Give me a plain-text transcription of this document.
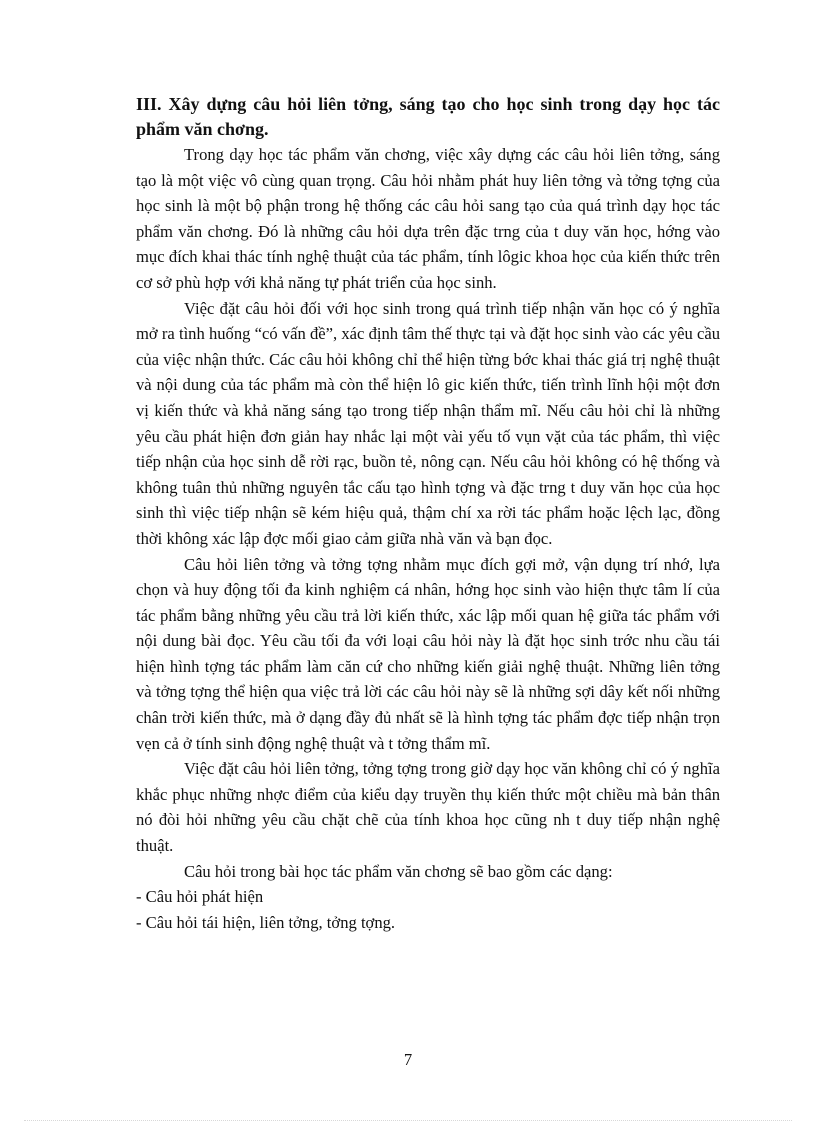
III. Xây dựng câu hỏi liên tởng, sáng tạo cho học sinh trong dạy học tác phẩm văn chơng.

Trong dạy học tác phẩm văn chơng, việc xây dựng các câu hỏi liên tởng, sáng tạo là một việc vô cùng quan trọng. Câu hỏi nhằm phát huy liên tởng và tởng tợng của học sinh là một bộ phận trong hệ thống các câu hỏi sang tạo của quá trình dạy học tác phẩm văn chơng. Đó là những câu hỏi dựa trên đặc trng của t duy văn học, hớng vào mục đích khai thác tính nghệ thuật của tác phẩm, tính lôgic khoa học của kiến thức trên cơ sở phù hợp với khả năng tự phát triển của học sinh.

Việc đặt câu hỏi đối với học sinh trong quá trình tiếp nhận văn học có ý nghĩa mở ra tình huống “có vấn đề”, xác định tâm thế thực tại và đặt học sinh vào các yêu cầu của việc nhận thức. Các câu hỏi không chỉ thể hiện từng bớc khai thác giá trị nghệ thuật và nội dung của tác phẩm mà còn thể hiện lô gic kiến thức, tiến trình lĩnh hội một đơn vị kiến thức và khả năng sáng tạo trong tiếp nhận thẩm mĩ. Nếu câu hỏi chỉ là những yêu cầu phát hiện đơn giản hay nhắc lại một vài yếu tố vụn vặt của tác phẩm, thì việc tiếp nhận của học sinh dễ rời rạc, buồn tẻ, nông cạn. Nếu câu hỏi không có hệ thống và không tuân thủ những nguyên tắc cấu tạo hình tợng và đặc trng t duy văn học của học sinh thì việc tiếp nhận sẽ kém hiệu quả, thậm chí xa rời tác phẩm hoặc lệch lạc, đồng thời không xác lập đợc mối giao cảm giữa nhà văn và bạn đọc.

Câu hỏi liên tởng và tởng tợng nhằm mục đích gợi mở, vận dụng trí nhớ, lựa chọn và huy động tối đa kinh nghiệm cá nhân, hớng học sinh vào hiện thực tâm lí của tác phẩm bằng những yêu cầu trả lời kiến thức, xác lập mối quan hệ giữa tác phẩm với nội dung bài đọc. Yêu cầu tối đa với loại câu hỏi này là đặt học sinh trớc nhu cầu tái hiện hình tợng tác phẩm làm căn cứ cho những kiến giải nghệ thuật. Những liên tởng và tởng tợng thể hiện qua việc trả lời các câu hỏi này sẽ là những sợi dây kết nối những chân trời kiến thức, mà ở dạng đầy đủ nhất sẽ là hình tợng tác phẩm đợc tiếp nhận trọn vẹn cả ở tính sinh động nghệ thuật và t tởng thẩm mĩ.

Việc đặt câu hỏi liên tởng, tởng tợng trong giờ dạy học văn không chỉ có ý nghĩa khắc phục những nhợc điểm của kiểu dạy truyền thụ kiến thức một chiều mà bản thân nó đòi hỏi những yêu cầu chặt chẽ của tính khoa học cũng nh t duy tiếp nhận nghệ thuật.

Câu hỏi trong bài học tác phẩm văn chơng sẽ bao gồm các dạng:

- Câu hỏi phát hiện

- Câu hỏi tái hiện, liên tởng, tởng tợng.

7
